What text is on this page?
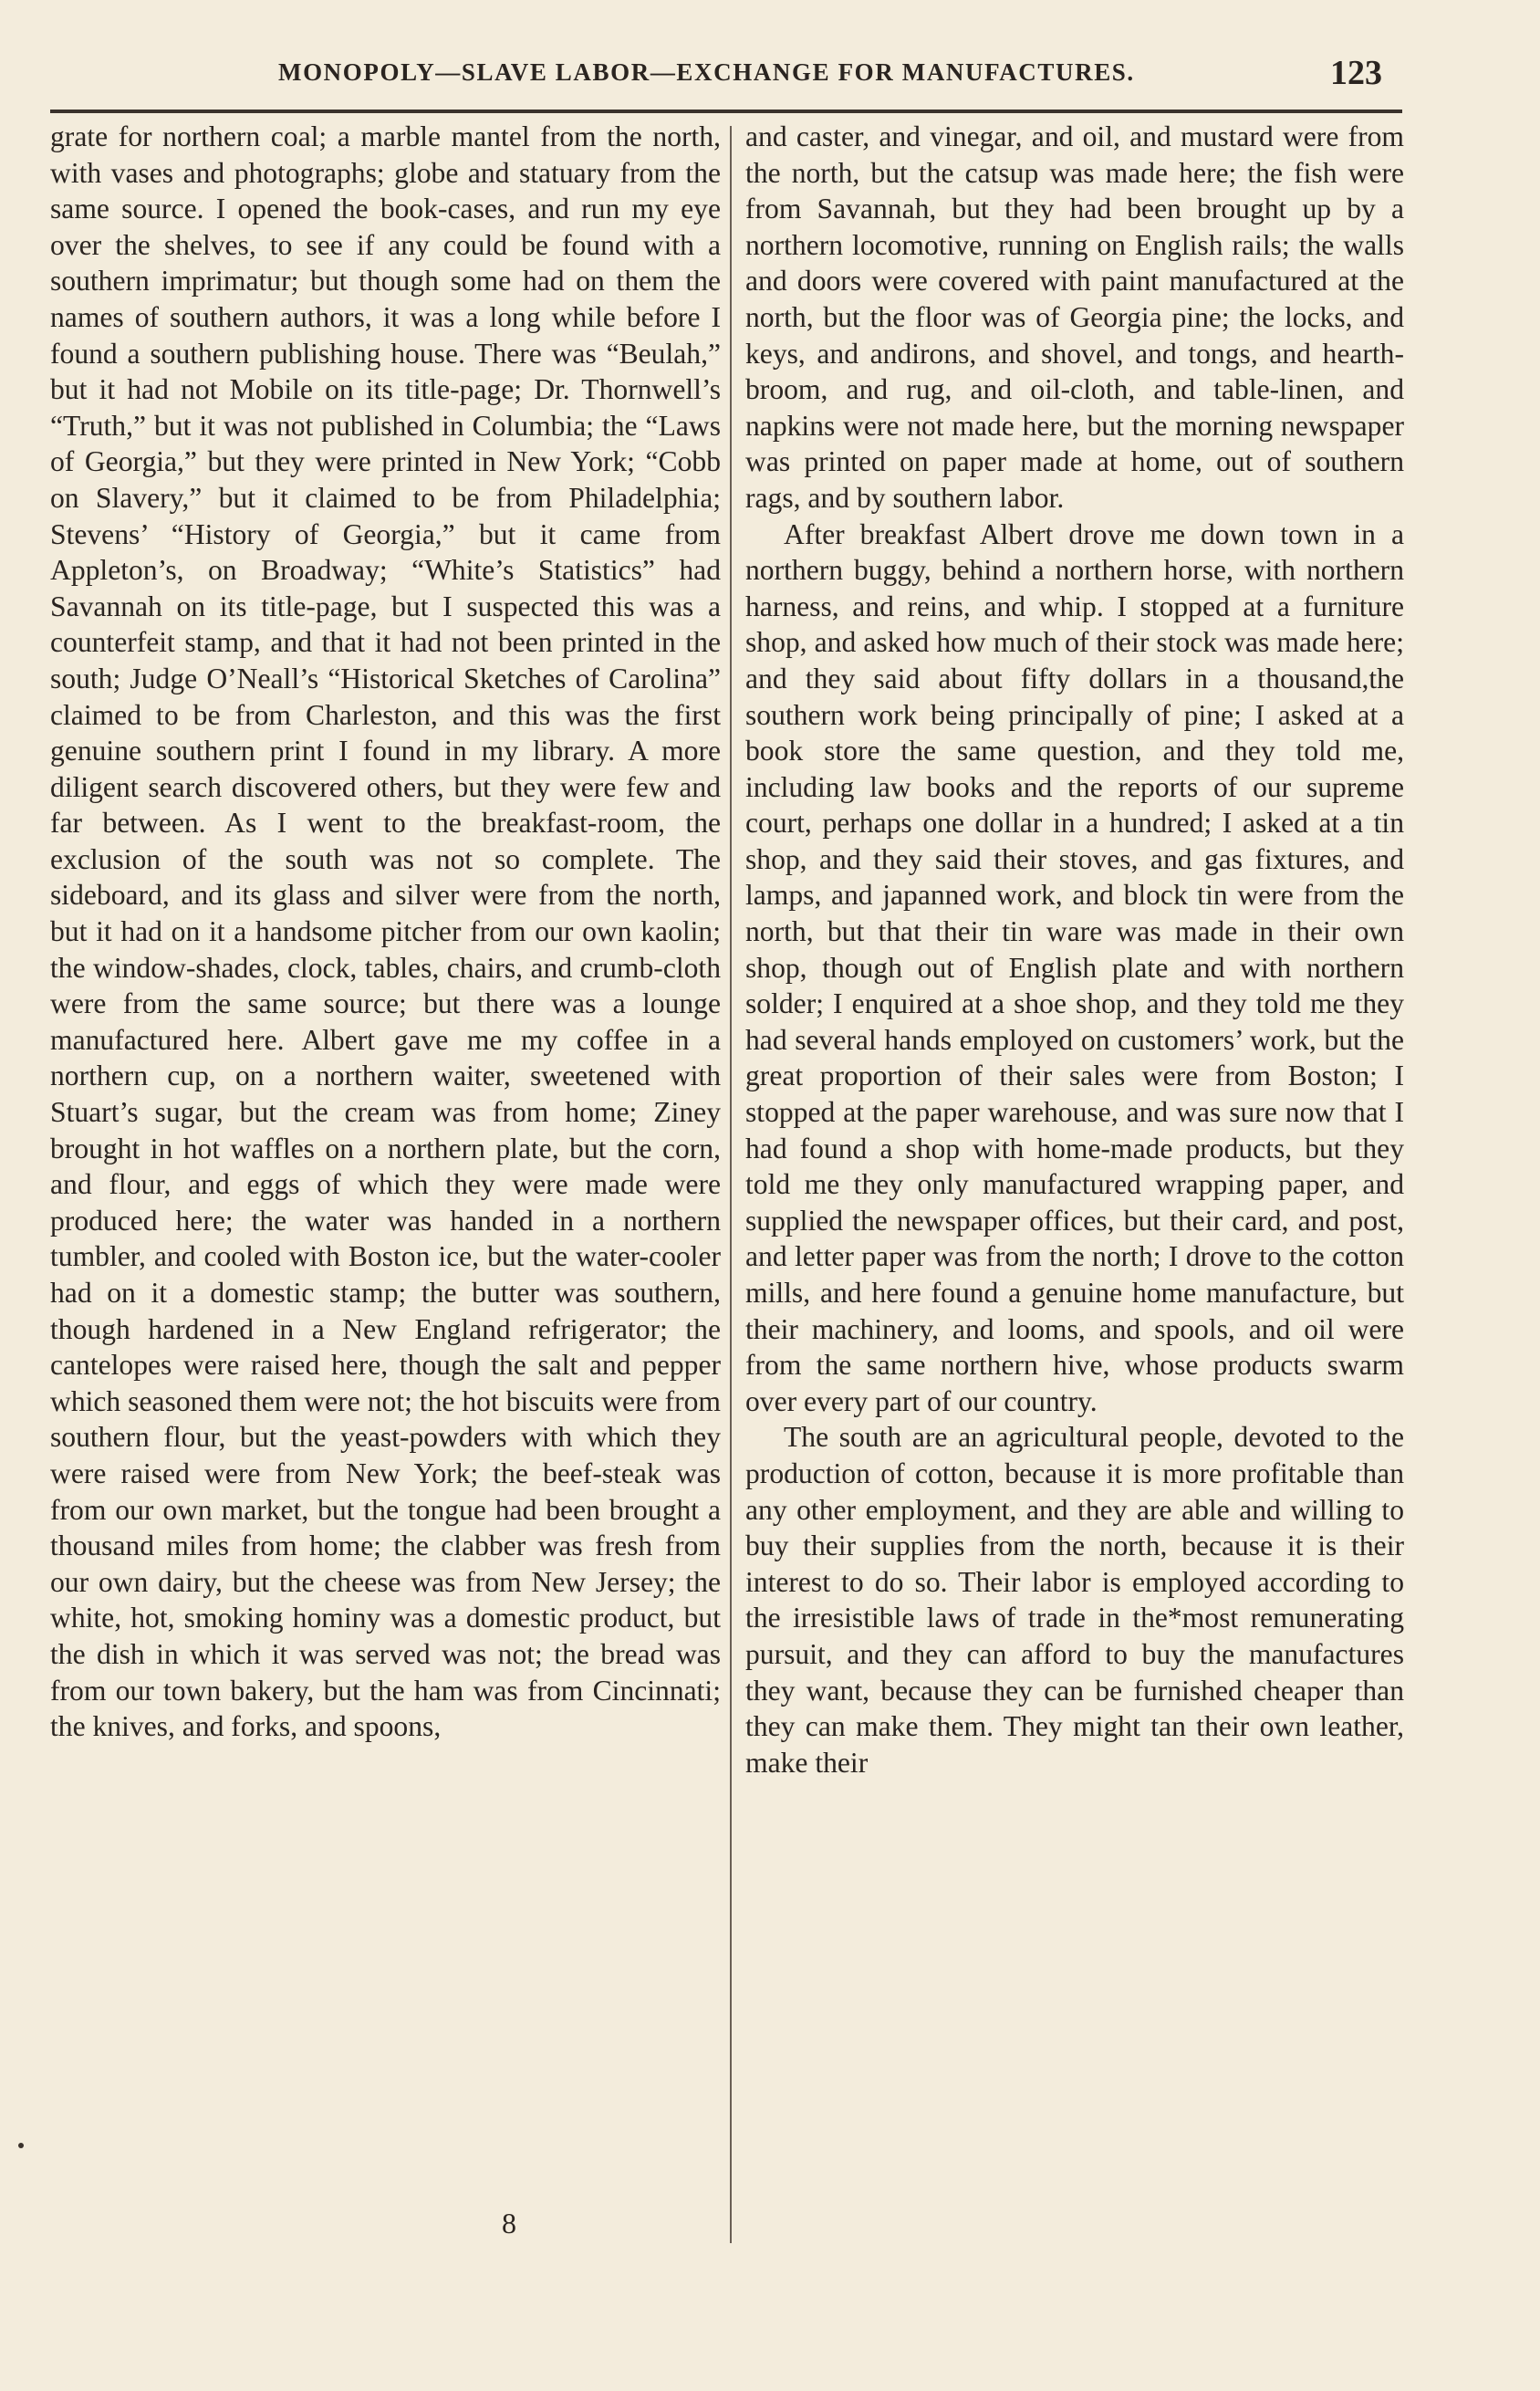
MONOPOLY—SLAVE LABOR—EXCHANGE FOR MANUFACTURES.	123

grate for northern coal; a marble mantel from the north, with vases and photographs; globe and statuary from the same source. I opened the book-cases, and run my eye over the shelves, to see if any could be found with a southern imprimatur; but though some had on them the names of southern authors, it was a long while before I found a southern publishing house. There was “Beulah,” but it had not Mobile on its title-page; Dr. Thornwell’s “Truth,” but it was not published in Columbia; the “Laws of Georgia,” but they were printed in New York; “Cobb on Slavery,” but it claimed to be from Philadelphia; Stevens’ “History of Georgia,” but it came from Appleton’s, on Broadway; “White’s Statistics” had Savannah on its title-page, but I suspected this was a counterfeit stamp, and that it had not been printed in the south; Judge O’Neall’s “Historical Sketches of Carolina” claimed to be from Charleston, and this was the first genuine southern print I found in my library. A more diligent search discovered others, but they were few and far between. As I went to the breakfast-room, the exclusion of the south was not so complete. The sideboard, and its glass and silver were from the north, but it had on it a handsome pitcher from our own kaolin; the window-shades, clock, tables, chairs, and crumb-cloth were from the same source; but there was a lounge manufactured here. Albert gave me my coffee in a northern cup, on a northern waiter, sweetened with Stuart’s sugar, but the cream was from home; Ziney brought in hot waffles on a northern plate, but the corn, and flour, and eggs of which they were made were produced here; the water was handed in a northern tumbler, and cooled with Boston ice, but the water-cooler had on it a domestic stamp; the butter was southern, though hardened in a New England refrigerator; the cantelopes were raised here, though the salt and pepper which seasoned them were not; the hot biscuits were from southern flour, but the yeast-powders with which they were raised were from New York; the beef-steak was from our own market, but the tongue had been brought a thousand miles from home; the clabber was fresh from our own dairy, but the cheese was from New Jersey; the white, hot, smoking hominy was a domestic product, but the dish in which it was served was not; the bread was from our town bakery, but the ham was from Cincinnati; the knives, and forks, and spoons,

and caster, and vinegar, and oil, and mustard were from the north, but the catsup was made here; the fish were from Savannah, but they had been brought up by a northern locomotive, running on English rails; the walls and doors were covered with paint manufactured at the north, but the floor was of Georgia pine; the locks, and keys, and andirons, and shovel, and tongs, and hearth-broom, and rug, and oil-cloth, and table-linen, and napkins were not made here, but the morning newspaper was printed on paper made at home, out of southern rags, and by southern labor.

After breakfast Albert drove me down town in a northern buggy, behind a northern horse, with northern harness, and reins, and whip. I stopped at a furniture shop, and asked how much of their stock was made here; and they said about fifty dollars in a thousand,the southern work being principally of pine; I asked at a book store the same question, and they told me, including law books and the reports of our supreme court, perhaps one dollar in a hundred; I asked at a tin shop, and they said their stoves, and gas fixtures, and lamps, and japanned work, and block tin were from the north, but that their tin ware was made in their own shop, though out of English plate and with northern solder; I enquired at a shoe shop, and they told me they had several hands employed on customers’ work, but the great proportion of their sales were from Boston; I stopped at the paper warehouse, and was sure now that I had found a shop with home-made products, but they told me they only manufactured wrapping paper, and supplied the newspaper offices, but their card, and post, and letter paper was from the north; I drove to the cotton mills, and here found a genuine home manufacture, but their machinery, and looms, and spools, and oil were from the same northern hive, whose products swarm over every part of our country.

The south are an agricultural people, devoted to the production of cotton, because it is more profitable than any other employment, and they are able and willing to buy their supplies from the north, because it is their interest to do so. Their labor is employed according to the irresistible laws of trade in the*most remunerating pursuit, and they can afford to buy the manufactures they want, because they can be furnished cheaper than they can make them. They might tan their own leather, make their

8
